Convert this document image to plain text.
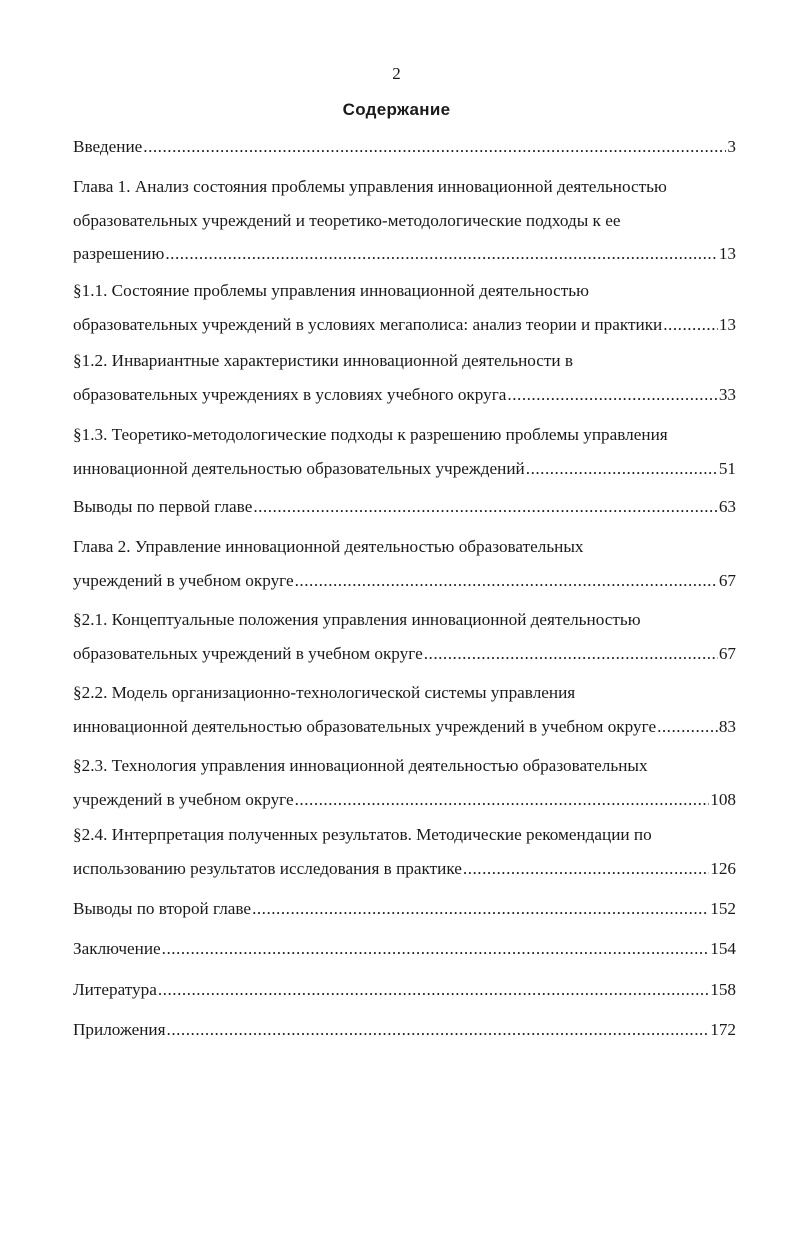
2
Содержание
Введение .....	3
Глава 1. Анализ состояния проблемы управления инновационной деятельностью
образовательных учреждений и теоретико-методологические подходы к ее
разрешению .....	13
§1.1. Состояние проблемы управления инновационной деятельностью
образовательных учреждений в условиях мегаполиса: анализ теории и практики .....	13
§1.2. Инвариантные характеристики инновационной деятельности в
образовательных учреждениях в условиях учебного округа .....	33
§1.3. Теоретико-методологические подходы к разрешению проблемы управления
инновационной деятельностью образовательных учреждений .....	51
Выводы по первой главе .....	63
Глава 2. Управление инновационной деятельностью образовательных
учреждений в учебном округе .....	67
§2.1. Концептуальные положения управления инновационной деятельностью
образовательных учреждений в учебном округе .....	67
§2.2. Модель организационно-технологической системы управления
инновационной деятельностью образовательных учреждений в учебном округе .....	83
§2.3. Технология управления инновационной деятельностью образовательных
учреждений в учебном округе .....	108
§2.4. Интерпретация полученных результатов. Методические рекомендации по
использованию результатов исследования в практике .....	126
Выводы по второй главе .....	152
Заключение .....	154
Литература .....	158
Приложения .....	172
